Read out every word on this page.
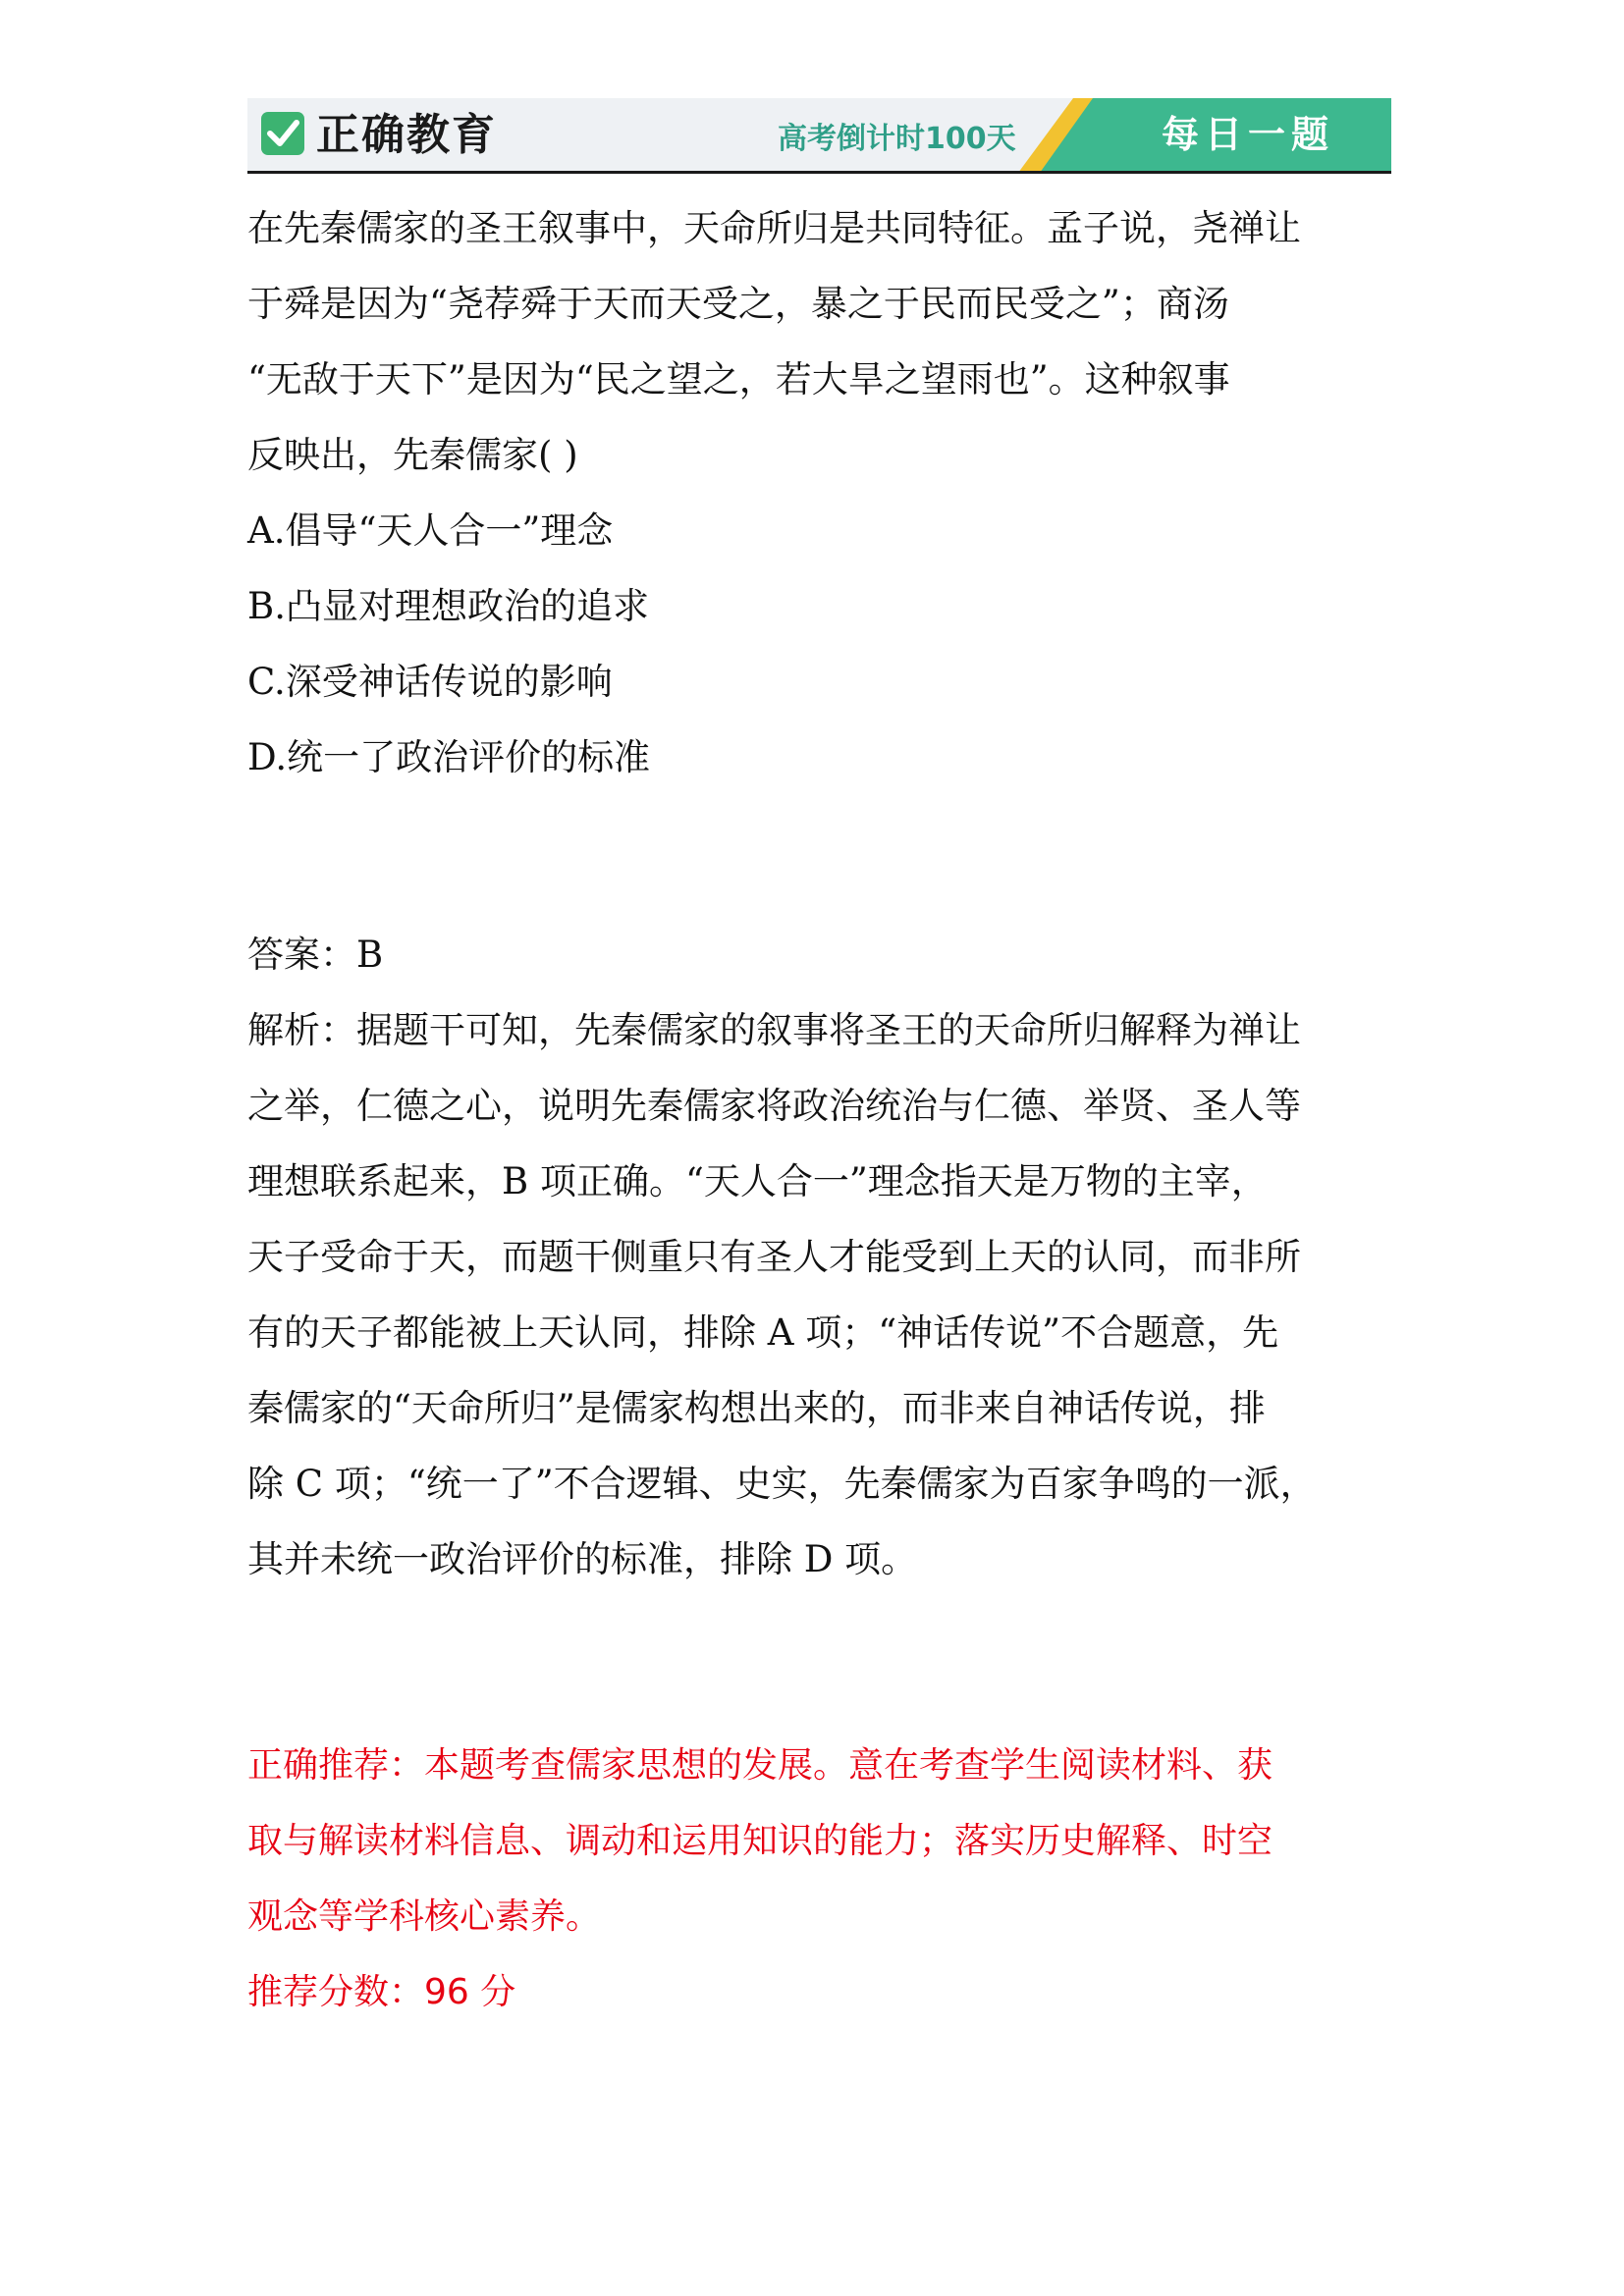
正确教育	高考倒计时100天	每日一题
在先秦儒家的圣王叙事中，天命所归是共同特征。孟子说，尧禅让
于舜是因为“尧荐舜于天而天受之，暴之于民而民受之”；商汤
“无敌于天下”是因为“民之望之，若大旱之望雨也”。这种叙事
反映出，先秦儒家( )
A.倡导“天人合一”理念
B.凸显对理想政治的追求
C.深受神话传说的影响
D.统一了政治评价的标准
答案：B
解析：据题干可知，先秦儒家的叙事将圣王的天命所归解释为禅让
之举，仁德之心，说明先秦儒家将政治统治与仁德、举贤、圣人等
理想联系起来，B 项正确。“天人合一”理念指天是万物的主宰，
天子受命于天，而题干侧重只有圣人才能受到上天的认同，而非所
有的天子都能被上天认同，排除 A 项；“神话传说”不合题意，先
秦儒家的“天命所归”是儒家构想出来的，而非来自神话传说，排
除 C 项；“统一了”不合逻辑、史实，先秦儒家为百家争鸣的一派，
其并未统一政治评价的标准，排除 D 项。
正确推荐：本题考查儒家思想的发展。意在考查学生阅读材料、获
取与解读材料信息、调动和运用知识的能力；落实历史解释、时空
观念等学科核心素养。
推荐分数：96 分
